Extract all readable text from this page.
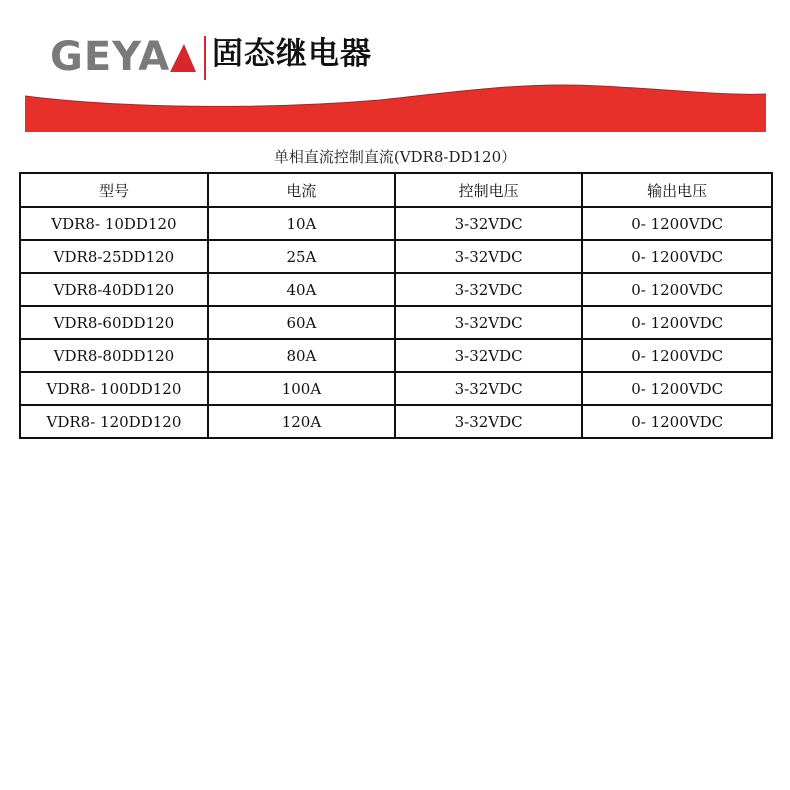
GEYA 固态继电器
单相直流控制直流(VDR8-DD120）
型号	电流	控制电压	输出电压
VDR8- 10DD120	10A	3-32VDC	0- 1200VDC
VDR8-25DD120	25A	3-32VDC	0- 1200VDC
VDR8-40DD120	40A	3-32VDC	0- 1200VDC
VDR8-60DD120	60A	3-32VDC	0- 1200VDC
VDR8-80DD120	80A	3-32VDC	0- 1200VDC
VDR8- 100DD120	100A	3-32VDC	0- 1200VDC
VDR8- 120DD120	120A	3-32VDC	0- 1200VDC
